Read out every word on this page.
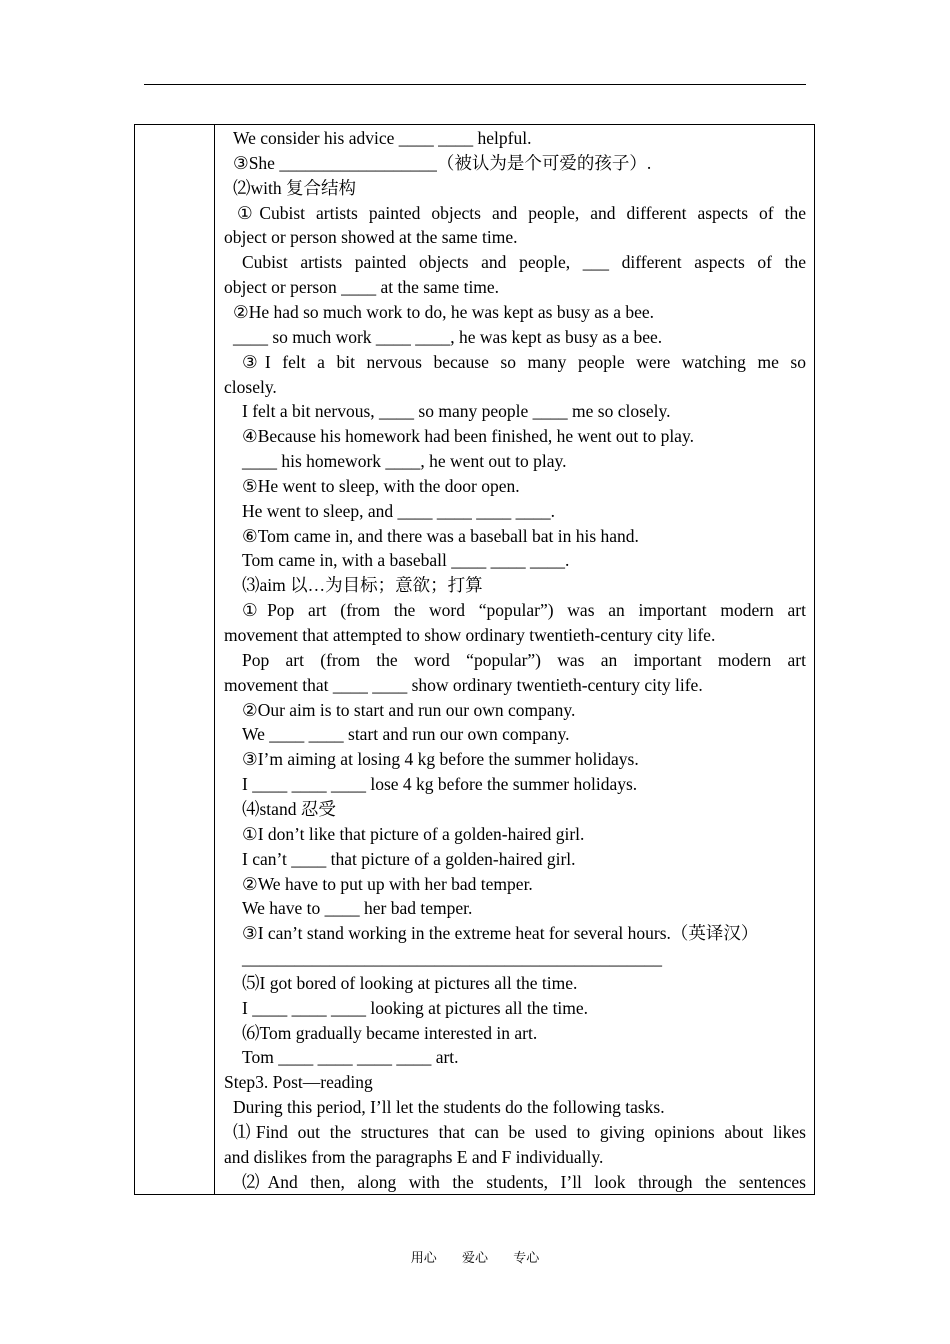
We consider his advice ____ ____ helpful.
③She __________________（被认为是个可爱的孩子）.
⑵with 复合结构
①Cubist artists painted objects and people, and different aspects of the
object or person showed at the same time.
Cubist artists painted objects and people, ___ different aspects of the
object or person ____ at the same time.
②He had so much work to do, he was kept as busy as a bee.
____ so much work ____ ____, he was kept as busy as a bee.
③I felt a bit nervous because so many people were watching me so
closely.
I felt a bit nervous, ____ so many people ____ me so closely.
④Because his homework had been finished, he went out to play.
____ his homework ____, he went out to play.
⑤He went to sleep, with the door open.
He went to sleep, and ____ ____ ____ ____.
⑥Tom came in, and there was a baseball bat in his hand.
Tom came in, with a baseball ____ ____ ____.
⑶aim 以…为目标；意欲；打算
①Pop art (from the word “popular”) was an important modern art
movement that attempted to show ordinary twentieth-century city life.
Pop art (from the word “popular”) was an important modern art
movement that ____ ____ show ordinary twentieth-century city life.
②Our aim is to start and run our own company.
We ____ ____ start and run our own company.
③I’m aiming at losing 4 kg before the summer holidays.
I ____ ____ ____ lose 4 kg before the summer holidays.
⑷stand 忍受
①I don’t like that picture of a golden-haired girl.
I can’t ____ that picture of a golden-haired girl.
②We have to put up with her bad temper.
We have to ____ her bad temper.
③I can’t stand working in the extreme heat for several hours.（英译汉）
________________________________________________
⑸I got bored of looking at pictures all the time.
I ____ ____ ____ looking at pictures all the time.
⑹Tom gradually became interested in art.
Tom ____ ____ ____ ____ art.
Step3. Post—reading
During this period, I’ll let the students do the following tasks.
⑴Find out the structures that can be used to giving opinions about likes
and dislikes from the paragraphs E and F individually.
⑵And then, along with the students, I’ll look through the sentences
用心 爱心 专心
